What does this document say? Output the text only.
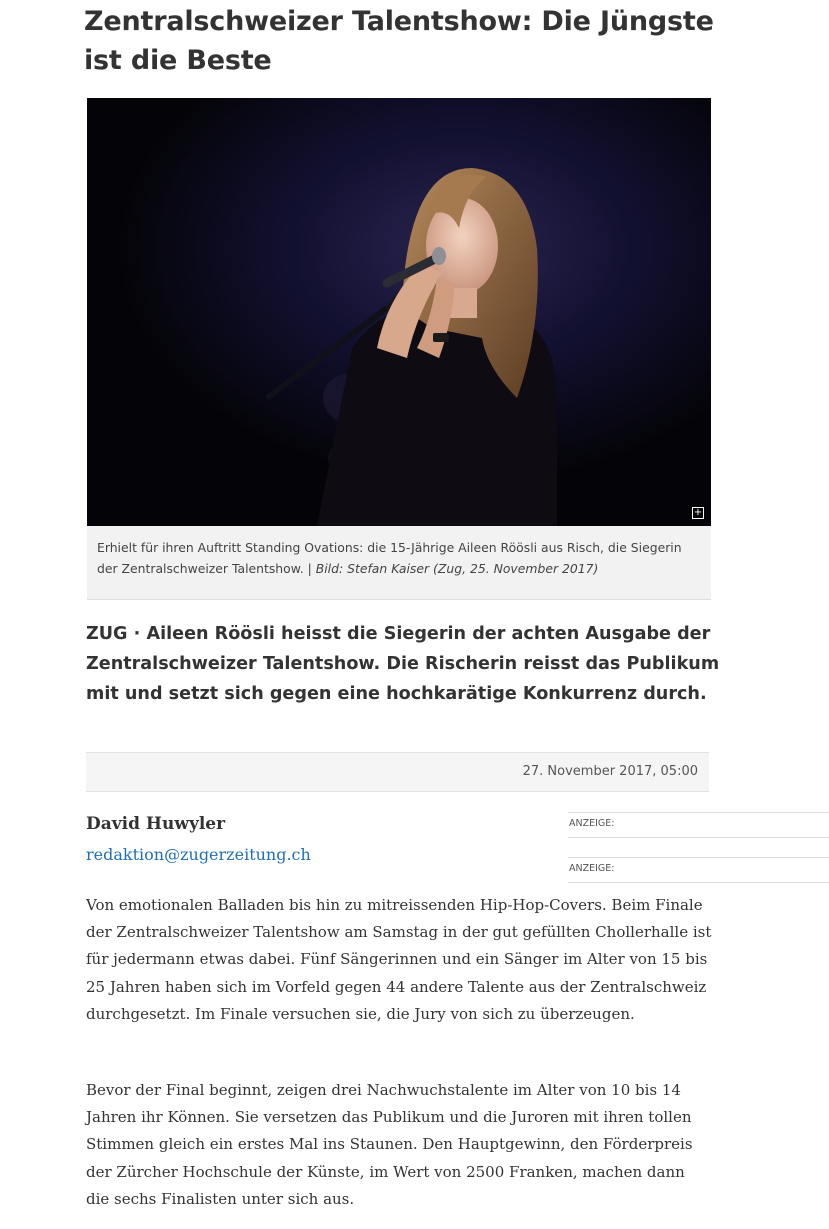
Zentralschweizer Talentshow: Die Jüngste ist die Beste
+
Erhielt für ihren Auftritt Standing Ovations: die 15-Jährige Aileen Röösli aus Risch, die Siegerin der Zentralschweizer Talentshow. | Bild: Stefan Kaiser (Zug, 25. November 2017)

ZUG · Aileen Röösli heisst die Siegerin der achten Ausgabe der Zentralschweizer Talentshow. Die Rischerin reisst das Publikum mit und setzt sich gegen eine hochkarätige Konkurrenz durch.

27. November 2017, 05:00
David Huwyler
redaktion@zugerzeitung.ch
ANZEIGE:
ANZEIGE:

Von emotionalen Balladen bis hin zu mitreissenden Hip-Hop-Covers. Beim Finale der Zentralschweizer Talentshow am Samstag in der gut gefüllten Chollerhalle ist für jedermann etwas dabei. Fünf Sängerinnen und ein Sänger im Alter von 15 bis 25 Jahren haben sich im Vorfeld gegen 44 andere Talente aus der Zentralschweiz durchgesetzt. Im Finale versuchen sie, die Jury von sich zu überzeugen.

Bevor der Final beginnt, zeigen drei Nachwuchstalente im Alter von 10 bis 14 Jahren ihr Können. Sie versetzen das Publikum und die Juroren mit ihren tollen Stimmen gleich ein erstes Mal ins Staunen. Den Hauptgewinn, den Förderpreis der Zürcher Hochschule der Künste, im Wert von 2500 Franken, machen dann die sechs Finalisten unter sich aus.
